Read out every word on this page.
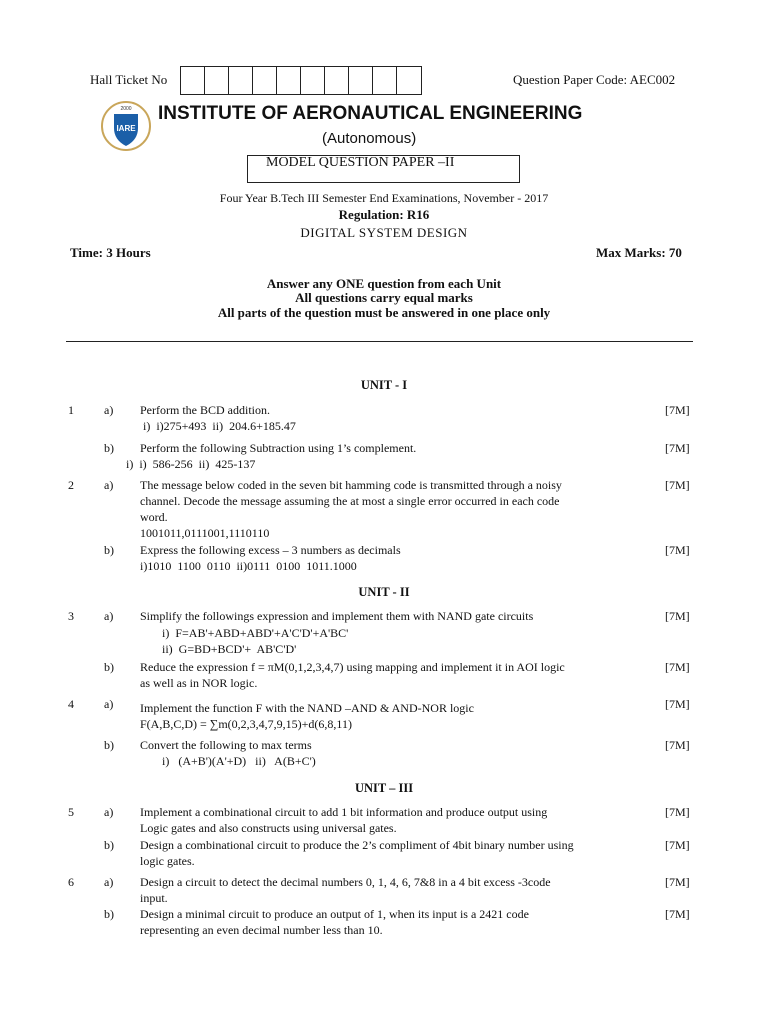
Hall Ticket No	Question Paper Code: AEC002
IARE
2000 INSTITUTE OF AERONAUTICAL ENGINEERING
(Autonomous)
MODEL QUESTION PAPER –II
Four Year B.Tech III Semester End Examinations, November - 2017
Regulation: R16
DIGITAL SYSTEM DESIGN
Time: 3 Hours	Max Marks: 70
Answer any ONE question from each Unit
All questions carry equal marks
All parts of the question must be answered in one place only
UNIT - I
1	a) Perform the BCD addition.
i) i)275+493 ii) 204.6+185.47
[7M]
b) Perform the following Subtraction using 1’s complement.
i) i) 586-256 ii) 425-137
[7M]
2	a) The message below coded in the seven bit hamming code is transmitted through a noisy
channel. Decode the message assuming the at most a single error occurred in each code
word.
1001011,0111001,1110110
[7M]
b) Express the following excess – 3 numbers as decimals
i)1010 1100 0110 ii)0111 0100 1011.1000
[7M]
UNIT - II
3	a) Simplify the followings expression and implement them with NAND gate circuits
i) F=AB'+ABD+ABD'+A'C'D'+A'BC'
ii) G=BD+BCD'+ AB'C'D'
[7M]
b) Reduce the expression f = πM(0,1,2,3,4,7) using mapping and implement it in AOI logic
as well as in NOR logic.
[7M]
4	a) Implement the function F with the NAND –AND & AND-NOR logic
F(A,B,C,D) = ∑m(0,2,3,4,7,9,15)+d(6,8,11)
[7M]
b) Convert the following to max terms
i) (A+B')(A'+D) ii) A(B+C')
[7M]
UNIT – III
5	a) Implement a combinational circuit to add 1 bit information and produce output using
Logic gates and also constructs using universal gates.
[7M]
b) Design a combinational circuit to produce the 2’s compliment of 4bit binary number using
logic gates.
[7M]
6	a) Design a circuit to detect the decimal numbers 0, 1, 4, 6, 7&8 in a 4 bit excess -3code
input.
[7M]
b) Design a minimal circuit to produce an output of 1, when its input is a 2421 code
representing an even decimal number less than 10.
[7M]
